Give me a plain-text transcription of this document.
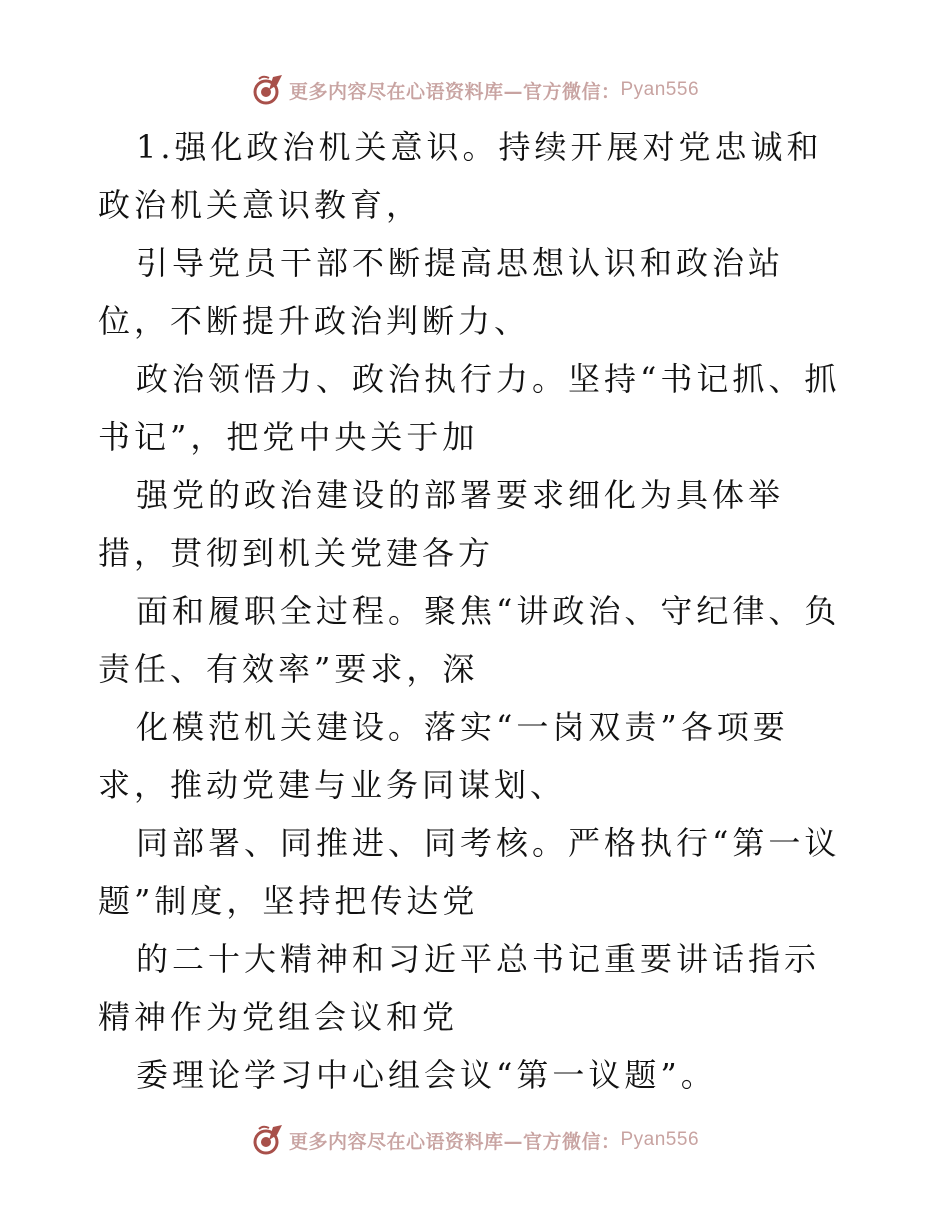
更多内容尽在心语资料库—官方微信： Pyan556

1.强化政治机关意识。持续开展对党忠诚和政治机关意识教育，

引导党员干部不断提高思想认识和政治站位，不断提升政治判断力、

政治领悟力、政治执行力。坚持“书记抓、抓书记”，把党中央关于加

强党的政治建设的部署要求细化为具体举措，贯彻到机关党建各方

面和履职全过程。聚焦“讲政治、守纪律、负责任、有效率”要求，深

化模范机关建设。落实“一岗双责”各项要求，推动党建与业务同谋划、

同部署、同推进、同考核。严格执行“第一议题”制度，坚持把传达党

的二十大精神和习近平总书记重要讲话指示精神作为党组会议和党

委理论学习中心组会议“第一议题”。

更多内容尽在心语资料库—官方微信： Pyan556
